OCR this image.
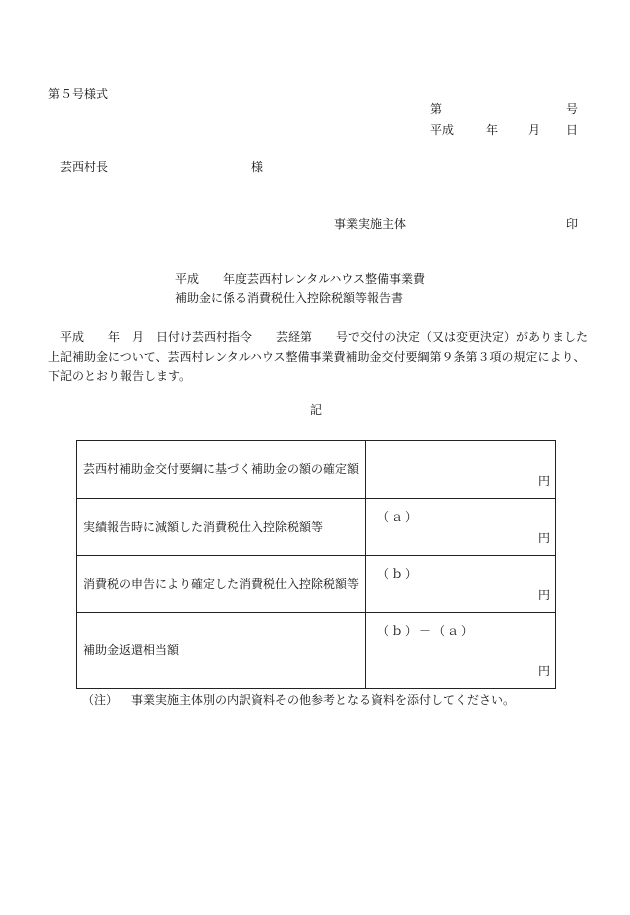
第５号様式
第	号
平成	年 月 日
芸西村長	様
事業実施主体	印
平成　　年度芸西村レンタルハウス整備事業費
補助金に係る消費税仕入控除税額等報告書
　平成　　年　月　日付け芸西村指令　　芸経第　　号で交付の決定（又は変更決定）がありました上記補助金について、芸西村レンタルハウス整備事業費補助金交付要綱第９条第３項の規定により、下記のとおり報告します。
記
芸西村補助金交付要綱に基づく補助金の額の確定額	円

実績報告時に減額した消費税仕入控除税額等	（ａ）
円

消費税の申告により確定した消費税仕入控除税額等	（ｂ）
円

補助金返還相当額	（ｂ）－（ａ）
円
（注） 事業実施主体別の内訳資料その他参考となる資料を添付してください。
